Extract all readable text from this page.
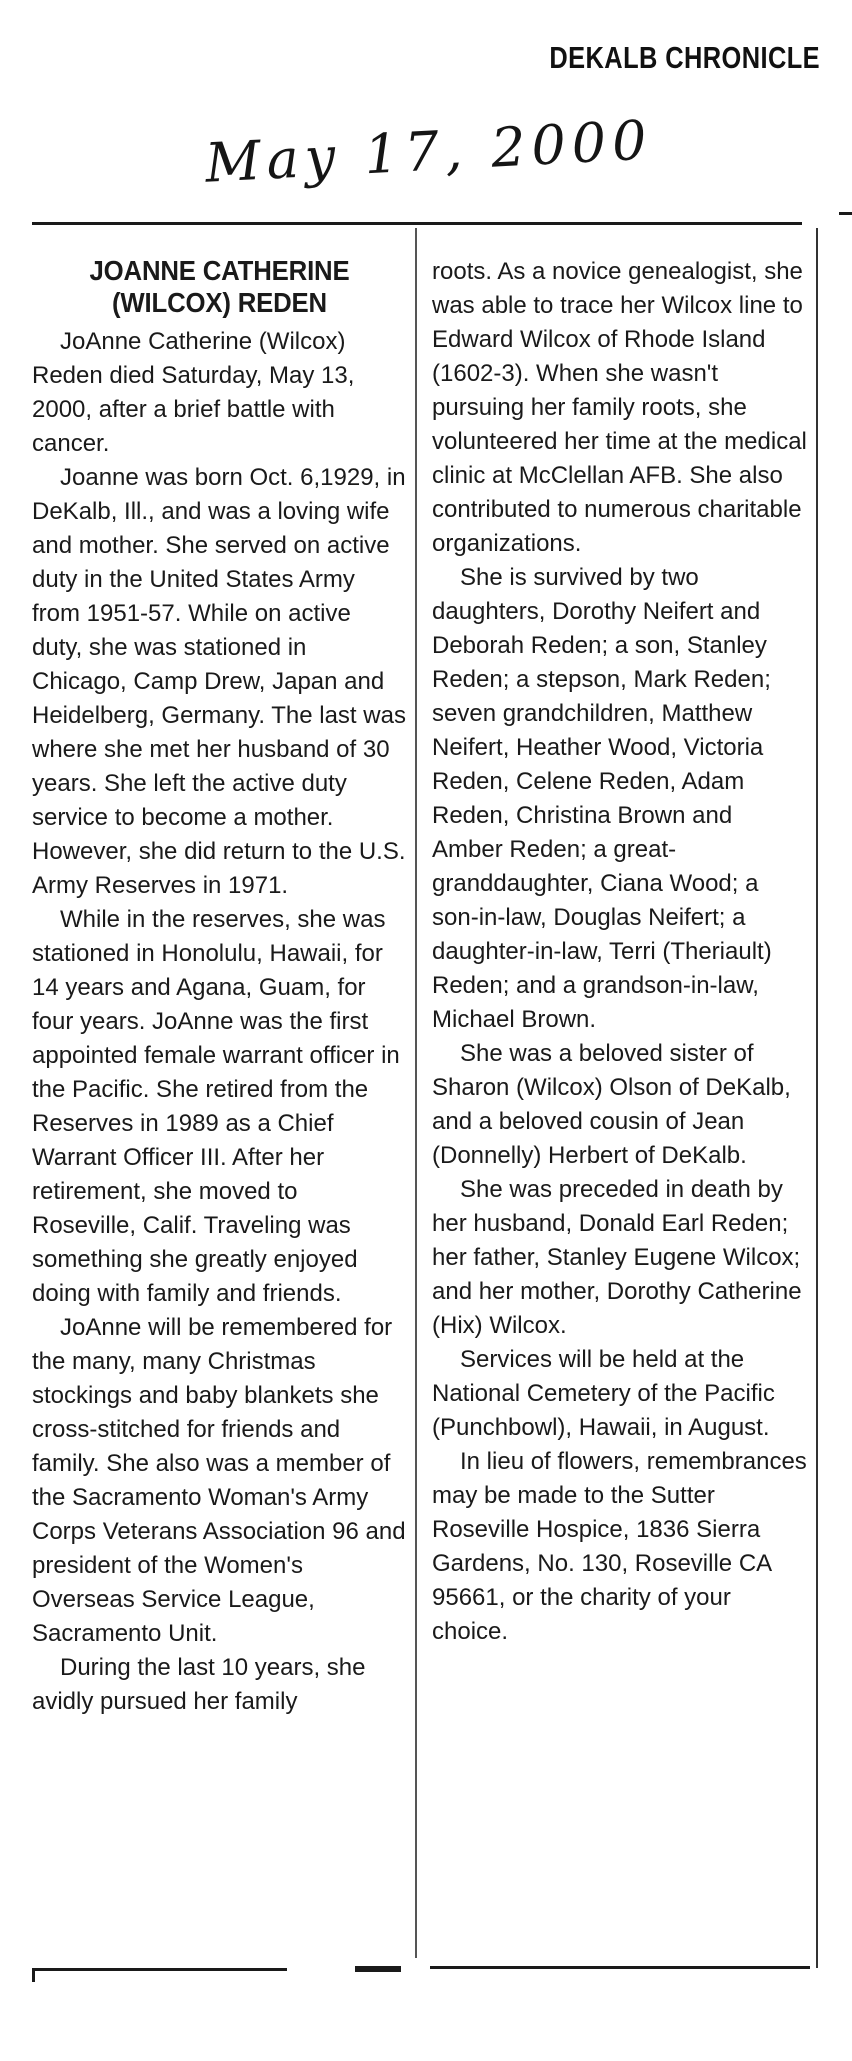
DEKALB CHRONICLE
May 17, 2000
JOANNE CATHERINE
(WILCOX) REDEN

JoAnne Catherine (Wilcox) Reden died Saturday, May 13, 2000, after a brief battle with cancer.

Joanne was born Oct. 6,1929, in DeKalb, Ill., and was a loving wife and mother. She served on active duty in the United States Army from 1951-57. While on active duty, she was stationed in Chicago, Camp Drew, Japan and Heidelberg, Germany. The last was where she met her husband of 30 years. She left the active duty service to become a mother. However, she did return to the U.S. Army Reserves in 1971.

While in the reserves, she was stationed in Honolulu, Hawaii, for 14 years and Agana, Guam, for four years. JoAnne was the first appointed female warrant officer in the Pacific. She retired from the Reserves in 1989 as a Chief Warrant Officer III. After her retirement, she moved to Roseville, Calif. Traveling was something she greatly enjoyed doing with family and friends.

JoAnne will be remembered for the many, many Christmas stockings and baby blankets she cross-stitched for friends and family. She also was a member of the Sacramento Woman's Army Corps Veterans Association 96 and president of the Women's Overseas Service League, Sacramento Unit.

During the last 10 years, she avidly pursued her family

roots. As a novice genealogist, she was able to trace her Wilcox line to Edward Wilcox of Rhode Island (1602-3). When she wasn't pursuing her family roots, she volunteered her time at the medical clinic at McClellan AFB. She also contributed to numerous charitable organizations.

She is survived by two daughters, Dorothy Neifert and Deborah Reden; a son, Stanley Reden; a stepson, Mark Reden; seven grandchildren, Matthew Neifert, Heather Wood, Victoria Reden, Celene Reden, Adam Reden, Christina Brown and Amber Reden; a great-granddaughter, Ciana Wood; a son-in-law, Douglas Neifert; a daughter-in-law, Terri (Theriault) Reden; and a grandson-in-law, Michael Brown.

She was a beloved sister of Sharon (Wilcox) Olson of DeKalb, and a beloved cousin of Jean (Donnelly) Herbert of DeKalb.

She was preceded in death by her husband, Donald Earl Reden; her father, Stanley Eugene Wilcox; and her mother, Dorothy Catherine (Hix) Wilcox.

Services will be held at the National Cemetery of the Pacific (Punchbowl), Hawaii, in August.

In lieu of flowers, remembrances may be made to the Sutter Roseville Hospice, 1836 Sierra Gardens, No. 130, Roseville CA 95661, or the charity of your choice.
